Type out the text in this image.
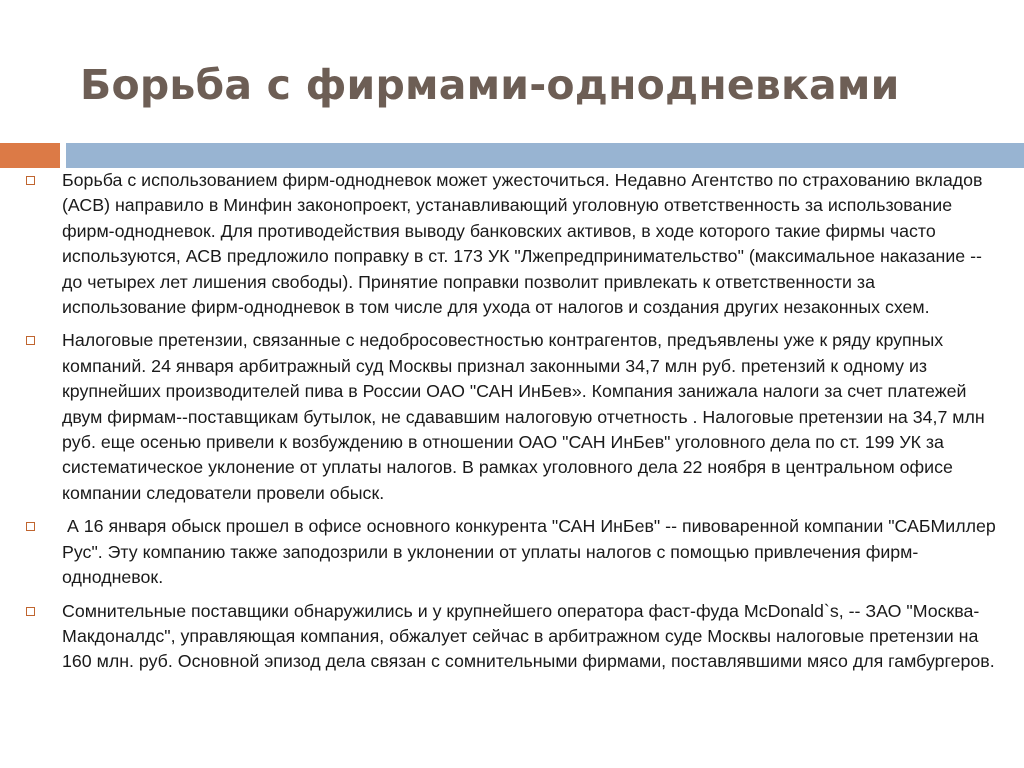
Борьба с фирмами-однодневками
Борьба с использованием фирм-однодневок может ужесточиться. Недавно Агентство по страхованию вкладов (АСВ) направило в Минфин законопроект, устанавливающий уголовную ответственность за использование фирм-однодневок. Для противодействия выводу банковских активов, в ходе которого такие фирмы часто используются, АСВ предложило поправку в ст. 173 УК "Лжепредпринимательство" (максимальное наказание -- до четырех лет лишения свободы). Принятие поправки позволит привлекать к ответственности за использование фирм-однодневок в том числе для ухода от налогов и создания других незаконных схем.
Налоговые претензии, связанные с недобросовестностью контрагентов, предъявлены уже к ряду крупных компаний. 24 января арбитражный суд Москвы признал законными 34,7 млн руб. претензий к одному из крупнейших производителей пива в России ОАО "САН ИнБев». Компания занижала налоги за счет платежей двум фирмам--поставщикам бутылок, не сдававшим налоговую отчетность . Налоговые претензии на 34,7 млн руб. еще осенью привели к возбуждению в отношении ОАО "САН ИнБев" уголовного дела по ст. 199 УК за систематическое уклонение от уплаты налогов. В рамках уголовного дела 22 ноября в центральном офисе компании следователи провели обыск.
А 16 января обыск прошел в офисе основного конкурента "САН ИнБев" -- пивоваренной компании "САБМиллер Рус". Эту компанию также заподозрили в уклонении от уплаты налогов с помощью привлечения фирм-однодневок.
Сомнительные поставщики обнаружились и у крупнейшего оператора фаст-фуда McDonald`s, -- ЗАО "Москва-Макдоналдс", управляющая компания, обжалует сейчас в арбитражном суде Москвы налоговые претензии на 160 млн. руб. Основной эпизод дела связан с сомнительными фирмами, поставлявшими мясо для гамбургеров.
